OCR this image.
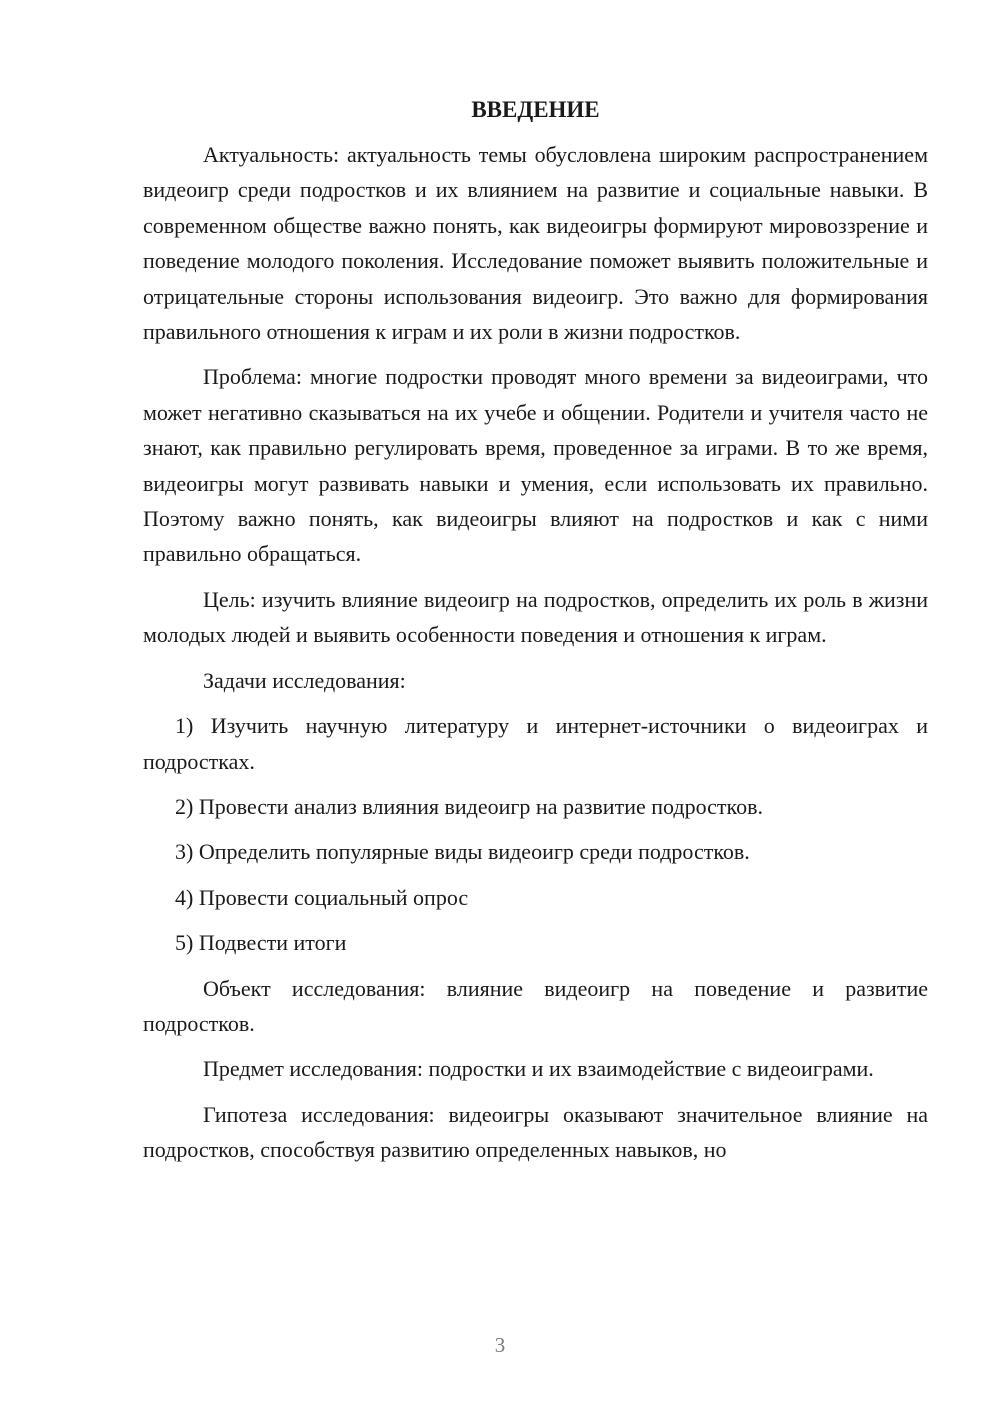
ВВЕДЕНИЕ

Актуальность: актуальность темы обусловлена широким распространением видеоигр среди подростков и их влиянием на развитие и социальные навыки. В современном обществе важно понять, как видеоигры формируют мировоззрение и поведение молодого поколения. Исследование поможет выявить положительные и отрицательные стороны использования видеоигр. Это важно для формирования правильного отношения к играм и их роли в жизни подростков.

Проблема: многие подростки проводят много времени за видеоиграми, что может негативно сказываться на их учебе и общении. Родители и учителя часто не знают, как правильно регулировать время, проведенное за играми. В то же время, видеоигры могут развивать навыки и умения, если использовать их правильно. Поэтому важно понять, как видеоигры влияют на подростков и как с ними правильно обращаться.

Цель: изучить влияние видеоигр на подростков, определить их роль в жизни молодых людей и выявить особенности поведения и отношения к играм.

Задачи исследования:

1) Изучить научную литературу и интернет-источники о видеоиграх и подростках.

2) Провести анализ влияния видеоигр на развитие подростков.

3) Определить популярные виды видеоигр среди подростков.

4) Провести социальный опрос

5) Подвести итоги

Объект исследования: влияние видеоигр на поведение и развитие подростков.

Предмет исследования: подростки и их взаимодействие с видеоиграми.

Гипотеза исследования: видеоигры оказывают значительное влияние на подростков, способствуя развитию определенных навыков, но

3
